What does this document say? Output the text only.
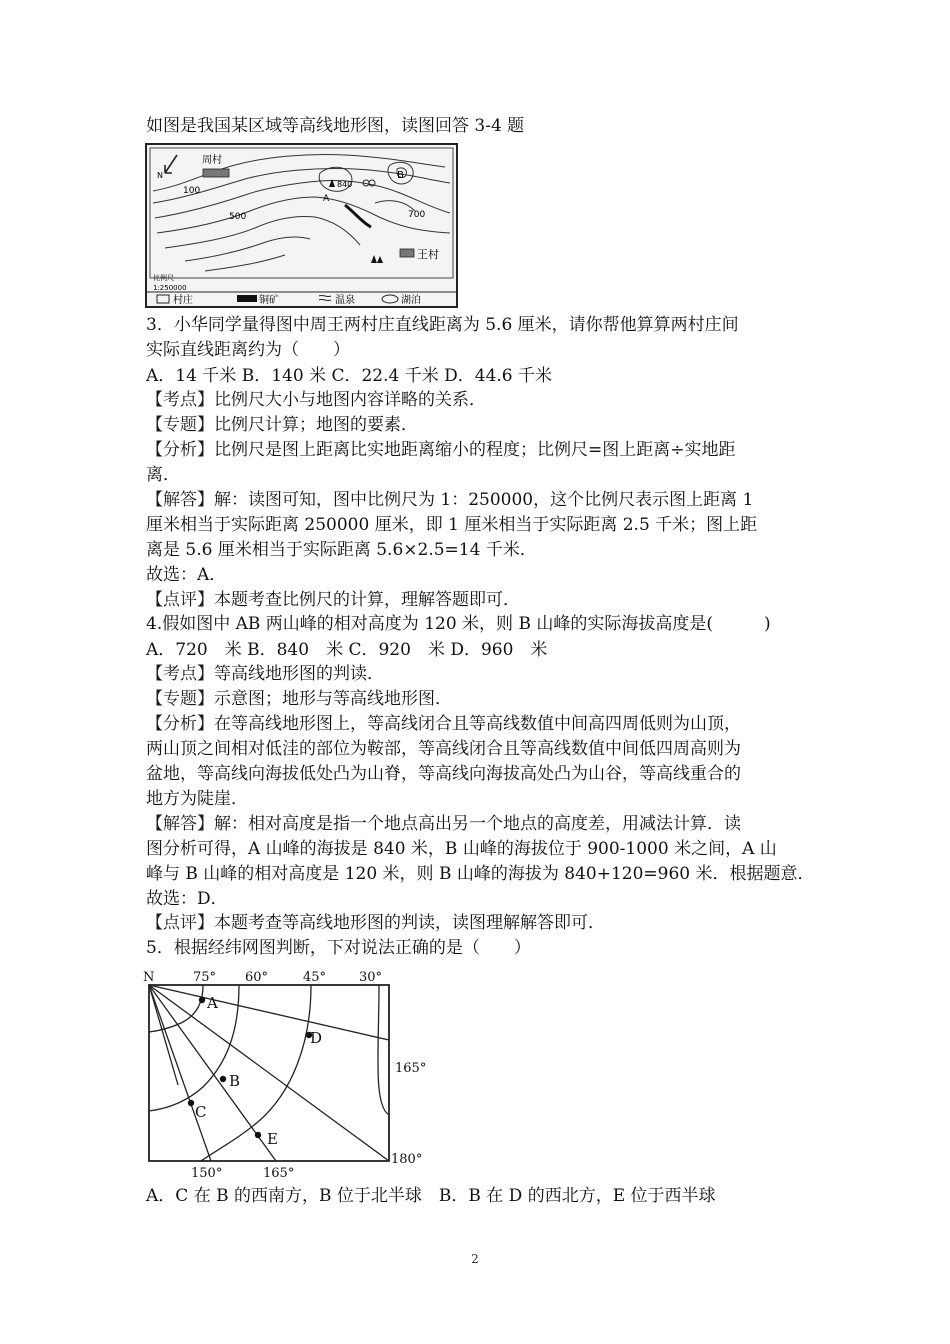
如图是我国某区域等高线地形图，读图回答 3-4 题
N
周村
王村
100
500	700
840
A
B
比例尺
1:250000
村庄	铜矿	温泉	湖泊
3．小华同学量得图中周王两村庄直线距离为 5.6 厘米，请你帮他算算两村庄间
实际直线距离约为（　　）
A．14 千米 B．140 米 C．22.4 千米 D．44.6 千米
【考点】比例尺大小与地图内容详略的关系．
【专题】比例尺计算；地图的要素．
【分析】比例尺是图上距离比实地距离缩小的程度；比例尺=图上距离÷实地距
离．
【解答】解：读图可知，图中比例尺为 1：250000，这个比例尺表示图上距离 1
厘米相当于实际距离 250000 厘米，即 1 厘米相当于实际距离 2.5 千米；图上距
离是 5.6 厘米相当于实际距离 5.6×2.5=14 千米．
故选：A．
【点评】本题考查比例尺的计算，理解答题即可．
4.假如图中 AB 两山峰的相对高度为 120 米，则 B 山峰的实际海拔高度是(　　　)
A．720　米 B．840　米 C．920　米 D．960　米
【考点】等高线地形图的判读．
【专题】示意图；地形与等高线地形图．
【分析】在等高线地形图上，等高线闭合且等高线数值中间高四周低则为山顶，
两山顶之间相对低洼的部位为鞍部，等高线闭合且等高线数值中间低四周高则为
盆地，等高线向海拔低处凸为山脊，等高线向海拔高处凸为山谷，等高线重合的
地方为陡崖．
【解答】解：相对高度是指一个地点高出另一个地点的高度差，用减法计算．读
图分析可得，A 山峰的海拔是 840 米，B 山峰的海拔位于 900-1000 米之间，A 山
峰与 B 山峰的相对高度是 120 米，则 B 山峰的海拔为 840+120=960 米．根据题意．
故选：D．
【点评】本题考查等高线地形图的判读，读图理解解答即可．
5．根据经纬网图判断，下对说法正确的是（　　）
A
B
C
D
E
N	75° 60°	45°	30°
165°
180°
150°	165°
A．C 在 B 的西南方，B 位于北半球　B．B 在 D 的西北方，E 位于西半球
2
